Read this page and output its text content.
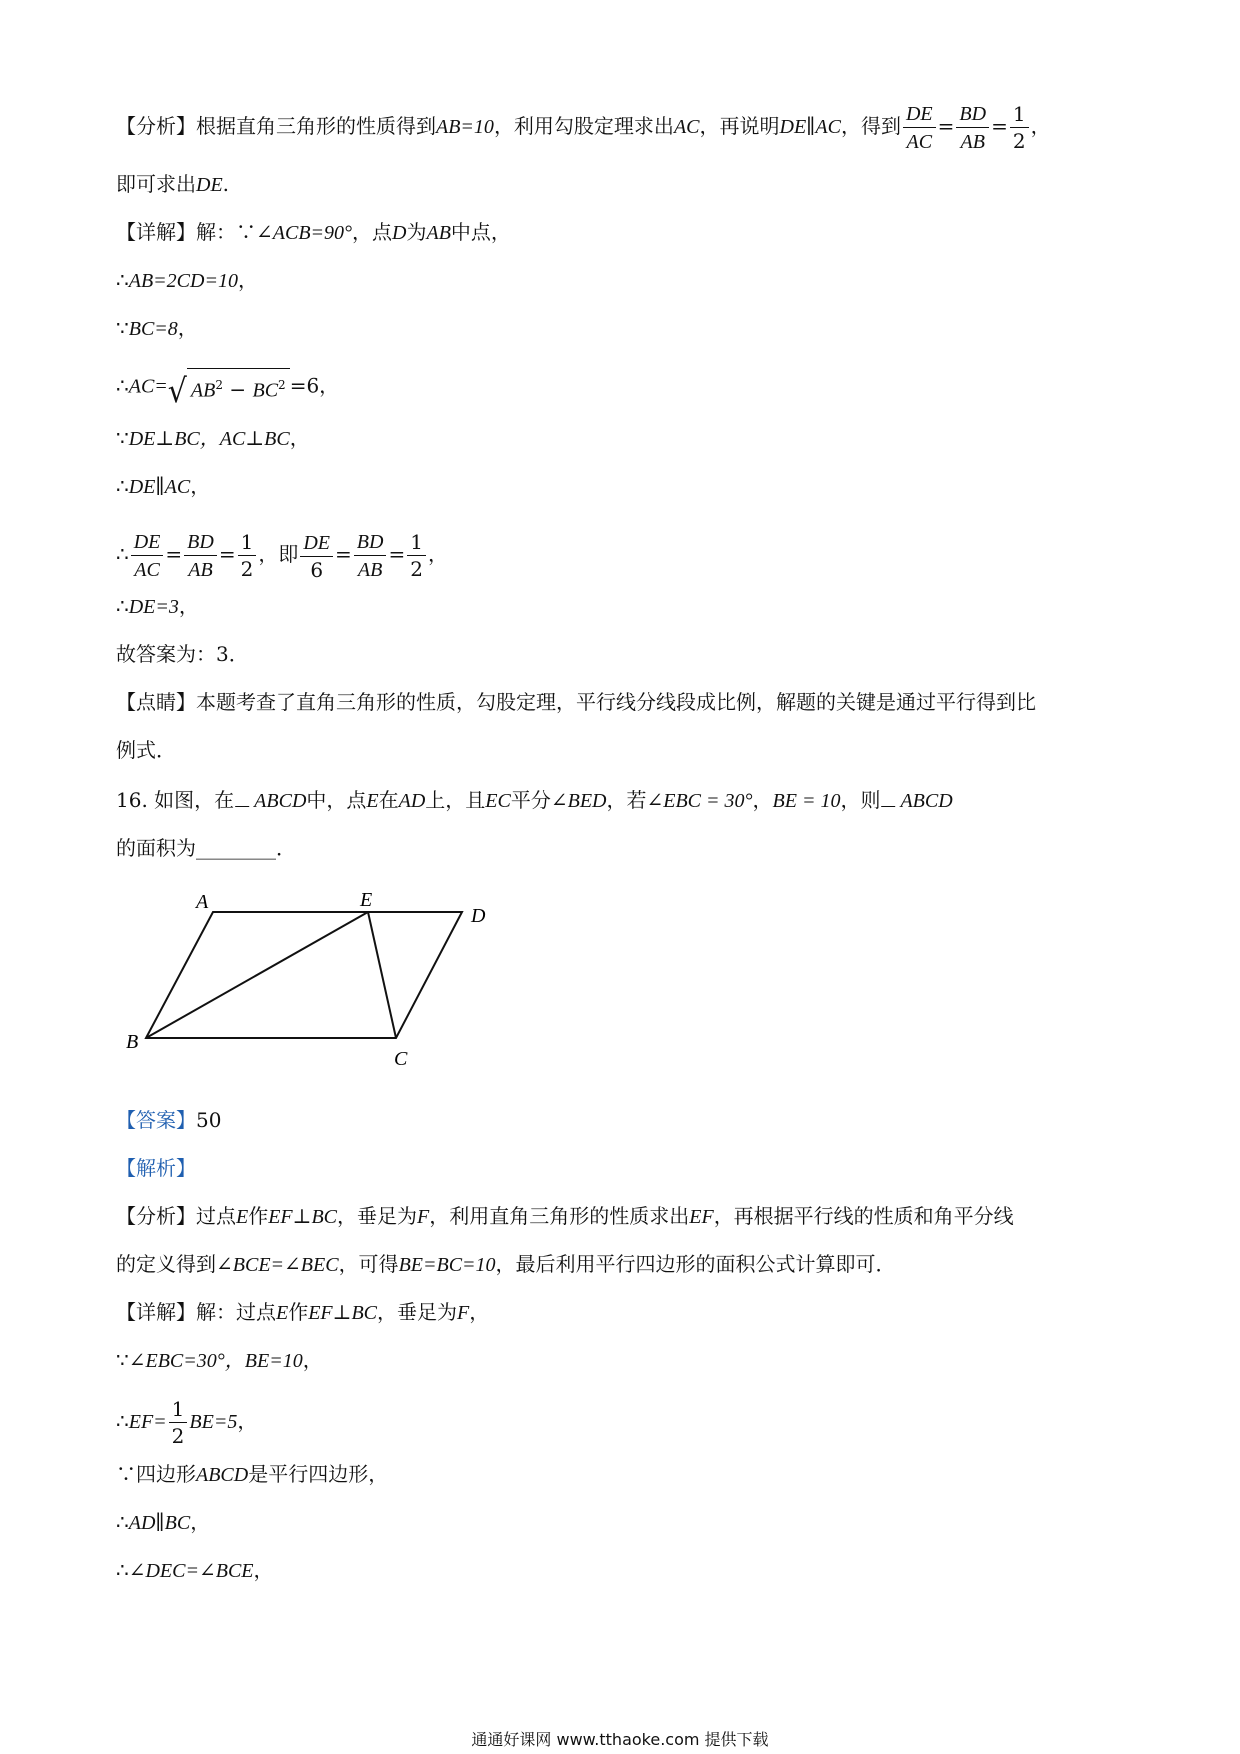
【分析】根据直角三角形的性质得到AB=10，利用勾股定理求出AC，再说明DE∥AC，得到 $\frac{DE}{AC} = \frac{BD}{AB} = \frac{1}{2}$ ，
即可求出DE.
【详解】解：∵∠ACB=90°，点D为AB中点，
∴AB=2CD=10，
∵BC=8，
∴AC=√ $AB^2 - BC^2 =6$，
∵DE⊥BC，AC⊥BC，
∴DE∥AC，
∴ $\frac{DE}{AC} = \frac{BD}{AB} = \frac{1}{2}$ ，即 $\frac{DE}{6} = \frac{BD}{AB} = \frac{1}{2}$ ，
∴DE=3，
故答案为：3．
【点睛】本题考查了直角三角形的性质，勾股定理，平行线分线段成比例，解题的关键是通过平行得到比
例式．
16. 如图，在 ABCD中，点E在AD上，且EC平分∠BED，若∠EBC = 30°，BE = 10，则 ABCD
的面积为________．
A	E
D
B
C
【答案】50
【解析】
【分析】过点E作EF⊥BC，垂足为F，利用直角三角形的性质求出EF，再根据平行线的性质和角平分线
的定义得到∠BCE=∠BEC，可得BE=BC=10，最后利用平行四边形的面积公式计算即可．
【详解】解：过点E作EF⊥BC，垂足为F，
∵∠EBC=30°，BE=10，
∴EF= $\frac{1}{2} BE=5$，
∵四边形ABCD是平行四边形，
∴AD∥BC，
∴∠DEC=∠BCE，
通通好课网 www.tthaoke.com 提供下载
